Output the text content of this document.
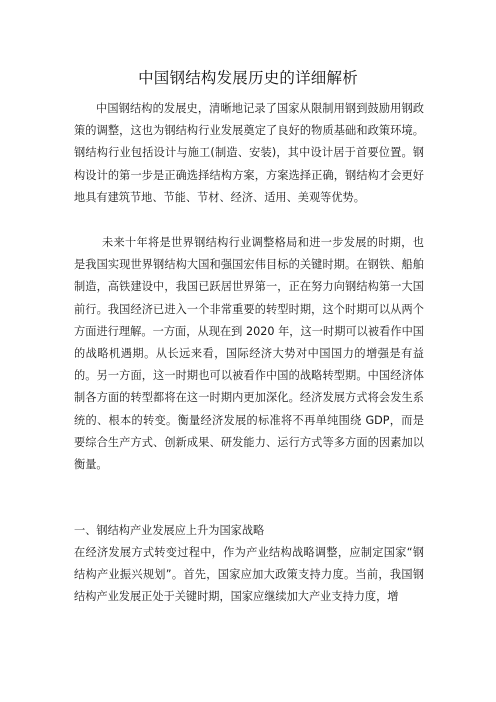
中国钢结构发展历史的详细解析

中国钢结构的发展史，清晰地记录了国家从限制用钢到鼓励用钢政策的调整，这也为钢结构行业发展奠定了良好的物质基础和政策环境。钢结构行业包括设计与施工(制造、安装)，其中设计居于首要位置。钢构设计的第一步是正确选择结构方案，方案选择正确，钢结构才会更好地具有建筑节地、节能、节材、经济、适用、美观等优势。

未来十年将是世界钢结构行业调整格局和进一步发展的时期，也是我国实现世界钢结构大国和强国宏伟目标的关键时期。在钢铁、船舶制造，高铁建设中，我国已跃居世界第一，正在努力向钢结构第一大国前行。我国经济已进入一个非常重要的转型时期，这个时期可以从两个方面进行理解。一方面，从现在到 2020 年，这一时期可以被看作中国的战略机遇期。从长远来看，国际经济大势对中国国力的增强是有益的。另一方面，这一时期也可以被看作中国的战略转型期。中国经济体制各方面的转型都将在这一时期内更加深化。经济发展方式将会发生系统的、根本的转变。衡量经济发展的标准将不再单纯围绕 GDP，而是要综合生产方式、创新成果、研发能力、运行方式等多方面的因素加以衡量。

一、钢结构产业发展应上升为国家战略

在经济发展方式转变过程中，作为产业结构战略调整，应制定国家“钢结构产业振兴规划”。首先，国家应加大政策支持力度。当前，我国钢结构产业发展正处于关键时期，国家应继续加大产业支持力度，增
